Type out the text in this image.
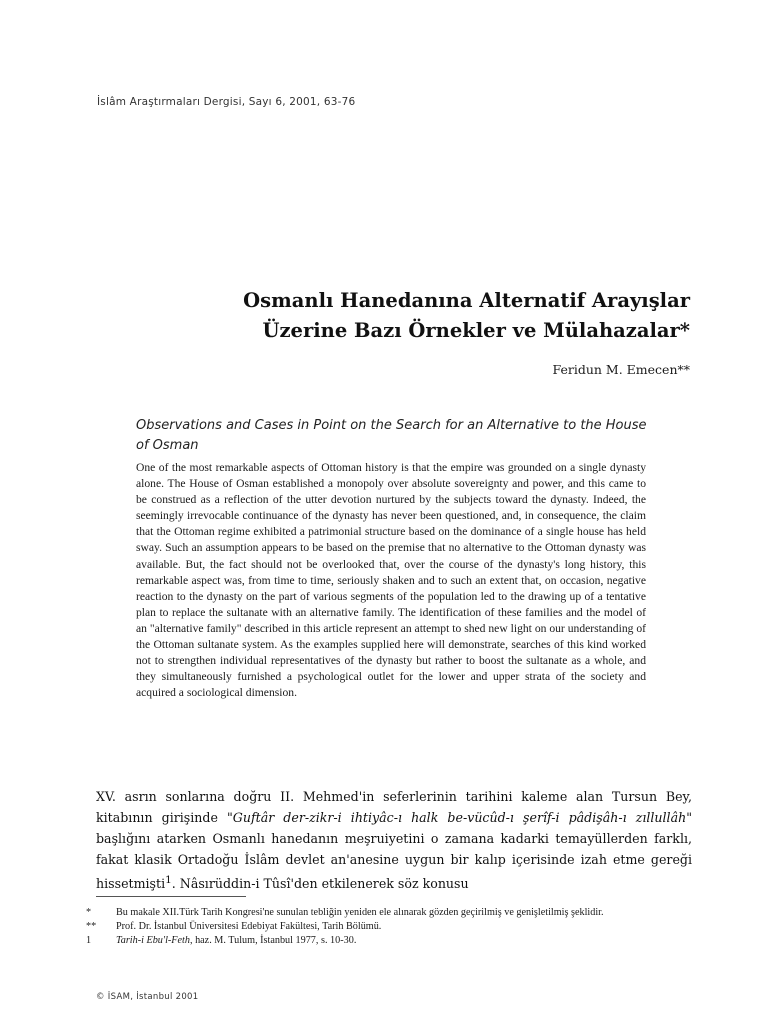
İslâm Araştırmaları Dergisi, Sayı 6, 2001, 63-76
Osmanlı Hanedanına Alternatif Arayışlar
Üzerine Bazı Örnekler ve Mülahazalar*
Feridun M. Emecen**
Observations and Cases in Point on the Search for an Alternative to the House of Osman
One of the most remarkable aspects of Ottoman history is that the empire was grounded on a single dynasty alone. The House of Osman established a monopoly over absolute sovereignty and power, and this came to be construed as a reflection of the utter devotion nurtured by the subjects toward the dynasty. Indeed, the seemingly irrevocable continuance of the dynasty has never been questioned, and, in consequence, the claim that the Ottoman regime exhibited a patrimonial structure based on the dominance of a single house has held sway. Such an assumption appears to be based on the premise that no alternative to the Ottoman dynasty was available. But, the fact should not be overlooked that, over the course of the dynasty's long history, this remarkable aspect was, from time to time, seriously shaken and to such an extent that, on occasion, negative reaction to the dynasty on the part of various segments of the population led to the drawing up of a tentative plan to replace the sultanate with an alternative family. The identification of these families and the model of an "alternative family" described in this article represent an attempt to shed new light on our understanding of the Ottoman sultanate system. As the examples supplied here will demonstrate, searches of this kind worked not to strengthen individual representatives of the dynasty but rather to boost the sultanate as a whole, and they simultaneously furnished a psychological outlet for the lower and upper strata of the society and acquired a sociological dimension.
XV. asrın sonlarına doğru II. Mehmed'in seferlerinin tarihini kaleme alan Tursun Bey, kitabının girişinde "Guftâr der-zikr-i ihtiyâc-ı halk be-vücûd-ı şerîf-i pâdişâh-ı zıllullâh" başlığını atarken Osmanlı hanedanın meşruiyetini o zamana kadarki temayüllerden farklı, fakat klasik Ortadoğu İslâm devlet an'anesine uygun bir kalıp içerisinde izah etme gereği hissetmişti$^1$. Nâsırüddin-i Tûsî'den etkilenerek söz konusu
*	Bu makale XII.Türk Tarih Kongresi'ne sunulan tebliğin yeniden ele alınarak gözden geçirilmiş ve genişletilmiş şeklidir.
**	Prof. Dr. İstanbul Üniversitesi Edebiyat Fakültesi, Tarih Bölümü.
1	Tarih-i Ebu'l-Feth, haz. M. Tulum, İstanbul 1977, s. 10-30.
© İSAM, İstanbul 2001
